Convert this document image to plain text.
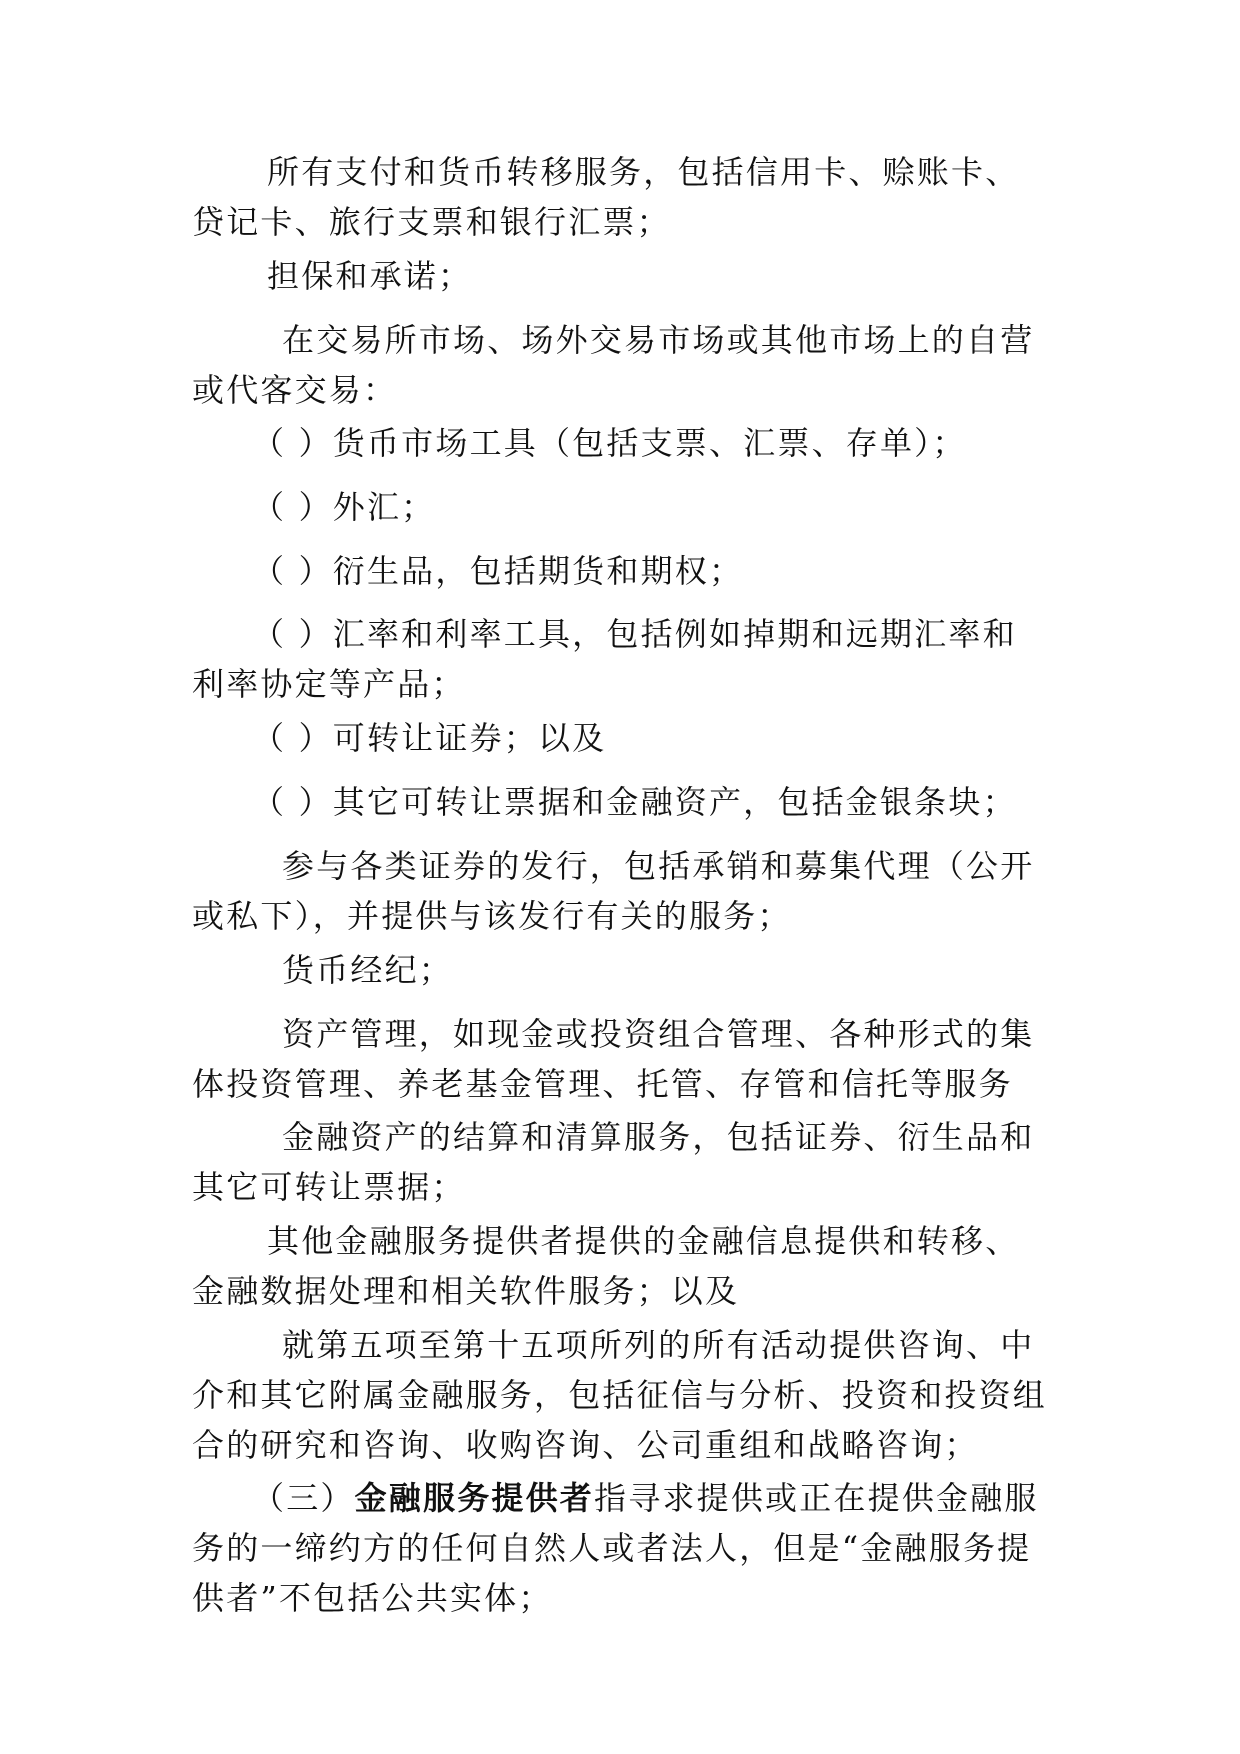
所有支付和货币转移服务，包括信用卡、赊账卡、贷记卡、旅行支票和银行汇票；
担保和承诺；
在交易所市场、场外交易市场或其他市场上的自营或代客交易：
（ ）货币市场工具（包括支票、汇票、存单）；
（ ）外汇；
（ ）衍生品，包括期货和期权；
（ ）汇率和利率工具，包括例如掉期和远期汇率和利率协定等产品；
（ ）可转让证券；以及
（ ）其它可转让票据和金融资产，包括金银条块；
参与各类证券的发行，包括承销和募集代理（公开或私下），并提供与该发行有关的服务；
货币经纪；
资产管理，如现金或投资组合管理、各种形式的集体投资管理、养老基金管理、托管、存管和信托等服务
金融资产的结算和清算服务，包括证券、衍生品和其它可转让票据；
其他金融服务提供者提供的金融信息提供和转移、金融数据处理和相关软件服务；以及
就第五项至第十五项所列的所有活动提供咨询、中介和其它附属金融服务，包括征信与分析、投资和投资组合的研究和咨询、收购咨询、公司重组和战略咨询；
（三）金融服务提供者指寻求提供或正在提供金融服务的一缔约方的任何自然人或者法人，但是“金融服务提供者”不包括公共实体；
